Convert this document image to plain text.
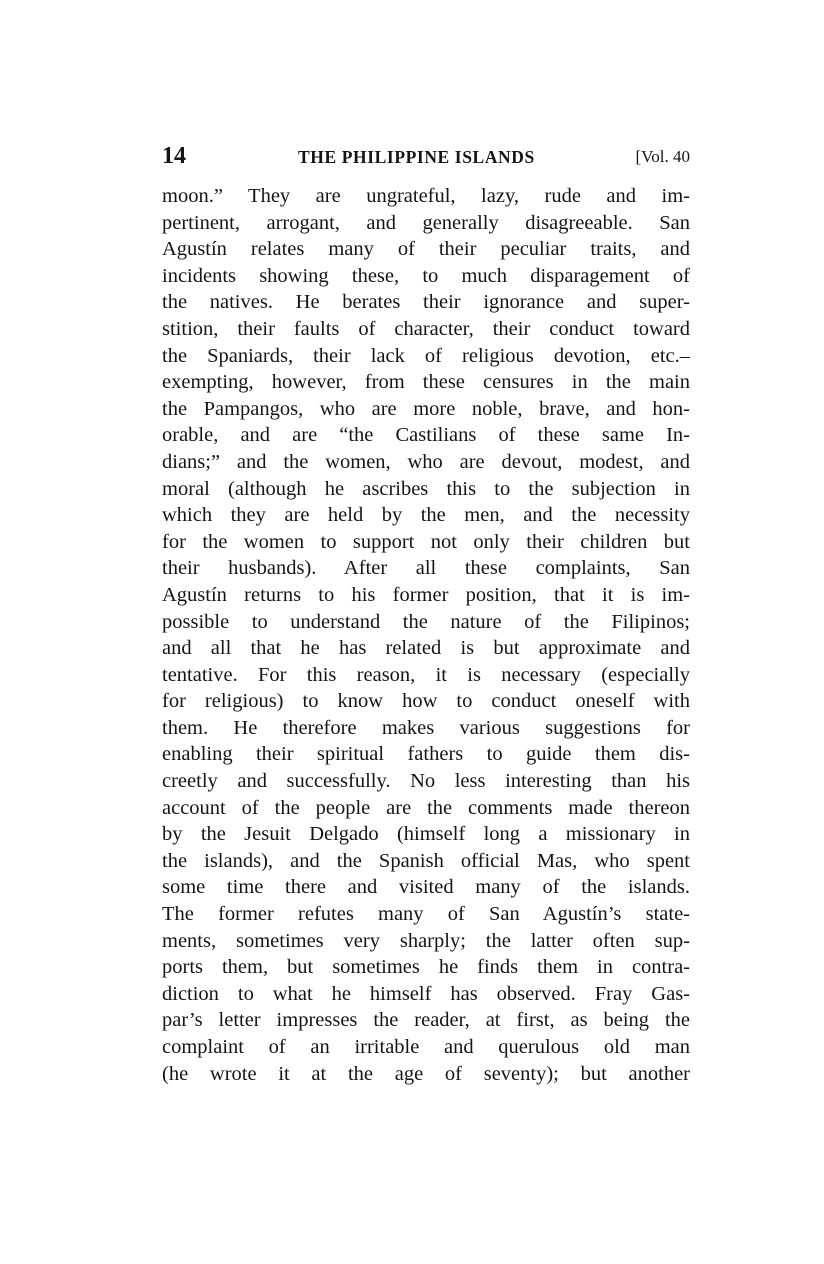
14	THE PHILIPPINE ISLANDS	[Vol. 40
moon.” They are ungrateful, lazy, rude and im-
pertinent, arrogant, and generally disagreeable. San
Agustín relates many of their peculiar traits, and
incidents showing these, to much disparagement of
the natives. He berates their ignorance and super-
stition, their faults of character, their conduct toward
the Spaniards, their lack of religious devotion, etc.–
exempting, however, from these censures in the main
the Pampangos, who are more noble, brave, and hon-
orable, and are “the Castilians of these same In-
dians;” and the women, who are devout, modest, and
moral (although he ascribes this to the subjection in
which they are held by the men, and the necessity
for the women to support not only their children but
their husbands). After all these complaints, San
Agustín returns to his former position, that it is im-
possible to understand the nature of the Filipinos;
and all that he has related is but approximate and
tentative. For this reason, it is necessary (especially
for religious) to know how to conduct oneself with
them. He therefore makes various suggestions for
enabling their spiritual fathers to guide them dis-
creetly and successfully. No less interesting than his
account of the people are the comments made thereon
by the Jesuit Delgado (himself long a missionary in
the islands), and the Spanish official Mas, who spent
some time there and visited many of the islands.
The former refutes many of San Agustín’s state-
ments, sometimes very sharply; the latter often sup-
ports them, but sometimes he finds them in contra-
diction to what he himself has observed. Fray Gas-
par’s letter impresses the reader, at first, as being the
complaint of an irritable and querulous old man
(he wrote it at the age of seventy); but another
